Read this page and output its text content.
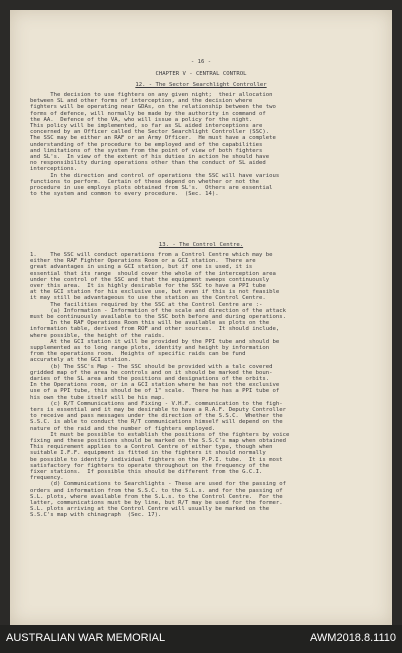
- 16 -
CHAPTER V - CENTRAL CONTROL
12. - The Sector Searchlight Controller
13. - The Control Centre.
The decision to use fighters on any given night;  their allocation
between SL and other forms of interception, and the decision where
fighters will be operating near GDAs, on the relationship between the two
forms of defence, will normally be made by the authority in command of
the AA.  Defence of the VA, who will issue a policy for the night.
This policy will be implemented, so far as SL aided interceptions are
concerned by an Officer called the Sector Searchlight Controller (SSC).
The SSC may be either an RAF or an Army Officer.  He must have a complete
understanding of the procedure to be employed and of the capabilities
and limitations of the system from the point of view of both fighters
and SL's.  In view of the extent of his duties in action he should have
no responsibility during operations other than the conduct of SL aided
interceptions.
In the direction and control of operations the SSC will have various
functions to perform.  Certain of these depend on whether or not the
procedure in use employs plots obtained from SL's.  Others are essential
to the system and common to every procedure.  (Sec. 14).
1.    The SSC will conduct operations from a Control Centre which may be
either the RAF Fighter Operations Room or a GCI station.  There are
great advantages in using a GCI station, but if one is used, it is
essential that its range  should cover the whole of the interception area
under the control of the SSC and that the equipment sweeps continuously
over this area.  It is highly desirable for the SSC to have a PPI tube
at the GCI station for his exclusive use, but even if this is not feasible
it may still be advantageous to use the station as the Control Centre.
The facilities required by the SSC at the Control Centre are :-
(a) Information - Information of the scale and direction of the attack
must be continuously available to the SSC both before and during operations.
In the RAF Operations Room this will be available as plots on the
information table, derived from ROF and other sources.  It should include,
where possible, the height of the raids.
At the GCI station it will be provided by the PPI tube and should be
supplemented as to long range plots, identity and height by information
from the operations room.  Heights of specific raids can be fund
accurately at the GCI station.
(b) The SSC's Map - The SSC should be provided with a talc covered
gridded map of the area he controls and on it should be marked the boun-
daries of the SL area and the positions and designations of the orbits.
In the Operations room, or in a GCI station where he has not the exclusive
use of a PPI tube, this should be of 1" scale.  There he has a PPI tube of
his own the tube itself will be his map.
(c) R/T Communications and Fixing - V.H.F. communication to the figh-
ters is essential and it may be desirable to have a R.A.F. Deputy Controller
to receive and pass messages under the direction of the S.S.C.  Whether the
S.S.C. is able to conduct the R/T communications himself will depend on the
nature of the raid and the number of fighters employed.
It must be possible to establish the positions of the fighters by voice
fixing and these positions should be marked on the S.S.C's map when obtained
This requirement applies to a Control Centre of either type, though when
suitable I.F.F. equipment is fitted in the fighters it should normally
be possible to identify individual fighters on the P.P.I. tube.  It is most
satisfactory for fighters to operate throughout on the frequency of the
fixer stations.  If possible this should be different from the G.C.I.
frequency.
(d) Communications to Searchlights - These are used for the passing of
orders and information from the S.S.C. to the S.L.s. and for the passing of
S.L. plots, where available from the S.L.s. to the Control Centre.  For the
latter, communications must be by line, but R/T may be used for the former.
S.L. plots arriving at the Control Centre will usually be marked on the
S.S.C's map with chinagraph  (Sec. 17).
AUSTRALIAN WAR MEMORIAL	AWM2018.8.1110
